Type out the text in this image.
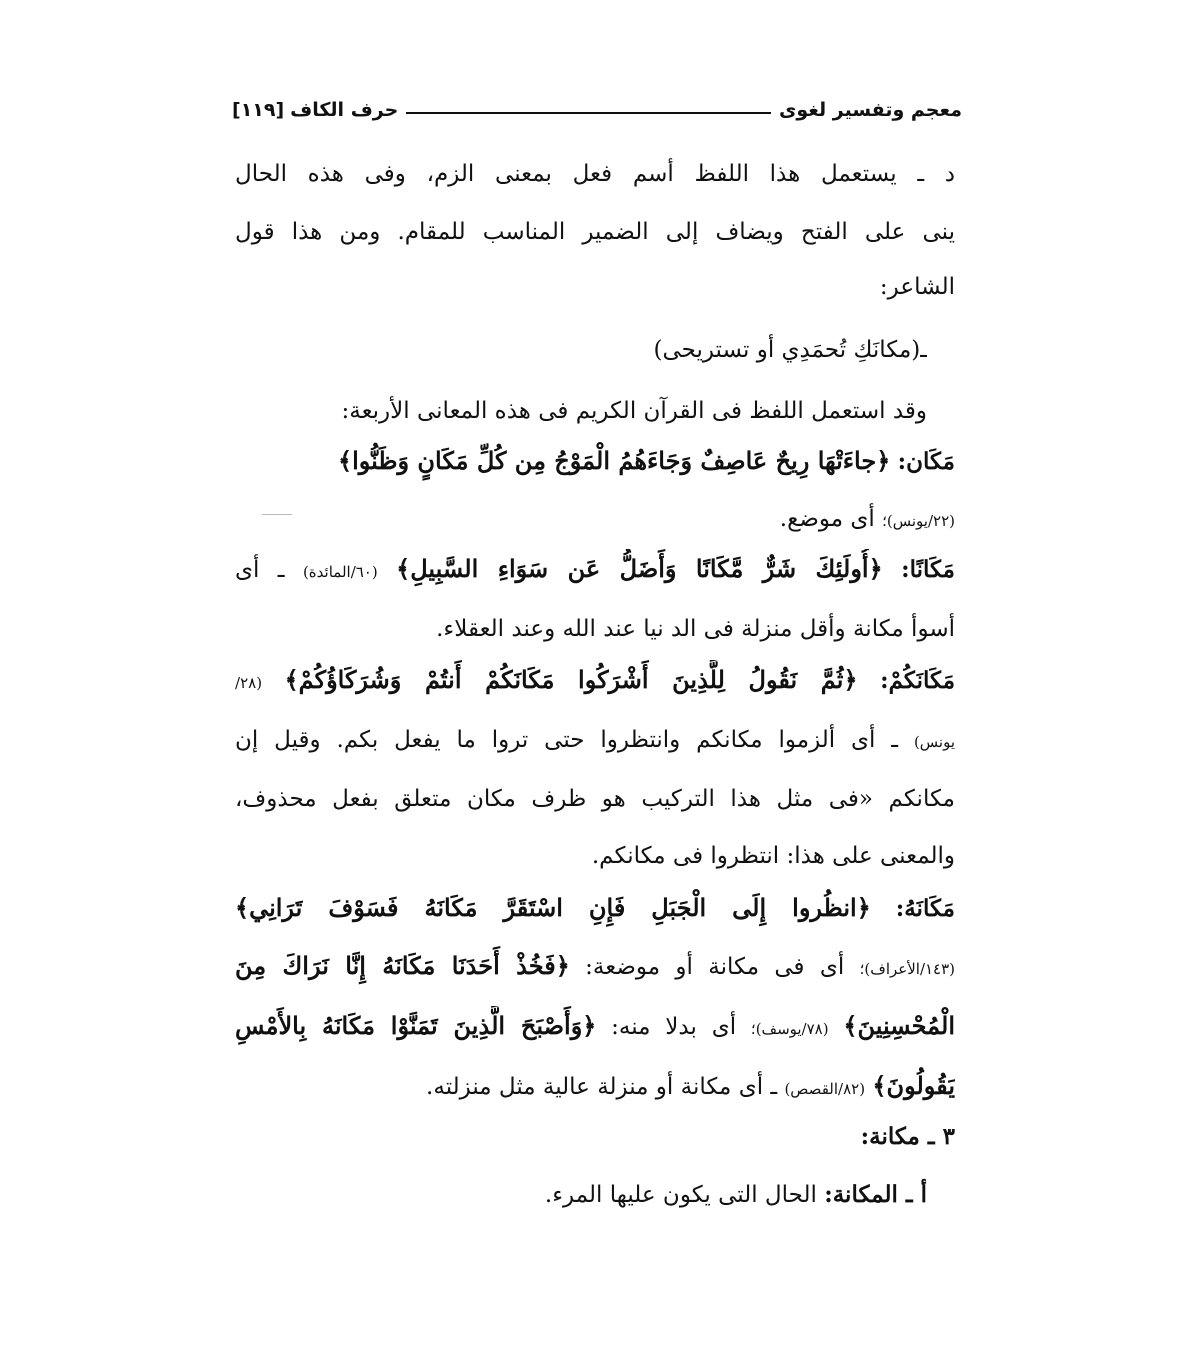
معجم وتفسير لغوى
حرف الكاف
[١١٩]
د ـ يستعمل هذا اللفظ أسم فعل بمعنى الزم، وفى هذه الحال
ينى على الفتح ويضاف إلى الضمير المناسب للمقام. ومن هذا قول
الشاعر:
ـ(مكانَكِ تُحمَدِي أو تستريحى)
وقد استعمل اللفظ فى القرآن الكريم فى هذه المعانى الأربعة:
مَكَان: ﴿جاءَتْهَا رِيحٌ عَاصِفٌ وَجَاءَهُمُ الْمَوْجُ مِن كُلِّ مَكَانٍ وَظَنُّوا﴾
(٢٢/يونس)؛ أى موضع.
مَكَانًا: ﴿أُولَئِكَ شَرٌّ مَّكَانًا وَأَضَلُّ عَن سَوَاءِ السَّبِيلِ﴾ (٦٠/المائدة) ـ أى
أسوأ مكانة وأقل منزلة فى الد نيا عند الله وعند العقلاء.
مَكَانَكُمْ: ﴿ثُمَّ نَقُولُ لِلَّذِينَ أَشْرَكُوا مَكَانَكُمْ أَنتُمْ وَشُرَكَاؤُكُمْ﴾ (٢٨/
يونس) ـ أى ألزموا مكانكم وانتظروا حتى تروا ما يفعل بكم. وقيل إن
مكانكم «فى مثل هذا التركيب هو ظرف مكان متعلق بفعل محذوف،
والمعنى على هذا: انتظروا فى مكانكم.
مَكَانَهُ: ﴿انظُروا إِلَى الْجَبَلِ فَإِنِ اسْتَقَرَّ مَكَانَهُ فَسَوْفَ تَرَانِي﴾
(١٤٣/الأعراف)؛ أى فى مكانة أو موضعة: ﴿فَخُذْ أَحَدَنَا مَكَانَهُ إِنَّا نَرَاكَ مِنَ
الْمُحْسِنِينَ﴾ (٧٨/يوسف)؛ أى بدلا منه: ﴿وَأَصْبَحَ الَّذِينَ تَمَنَّوْا مَكَانَهُ بِالأَمْسِ
يَقُولُونَ﴾ (٨٢/القصص) ـ أى مكانة أو منزلة عالية مثل منزلته.
٣ ـ مكانة:
أ ـ المكانة: الحال التى يكون عليها المرء.
